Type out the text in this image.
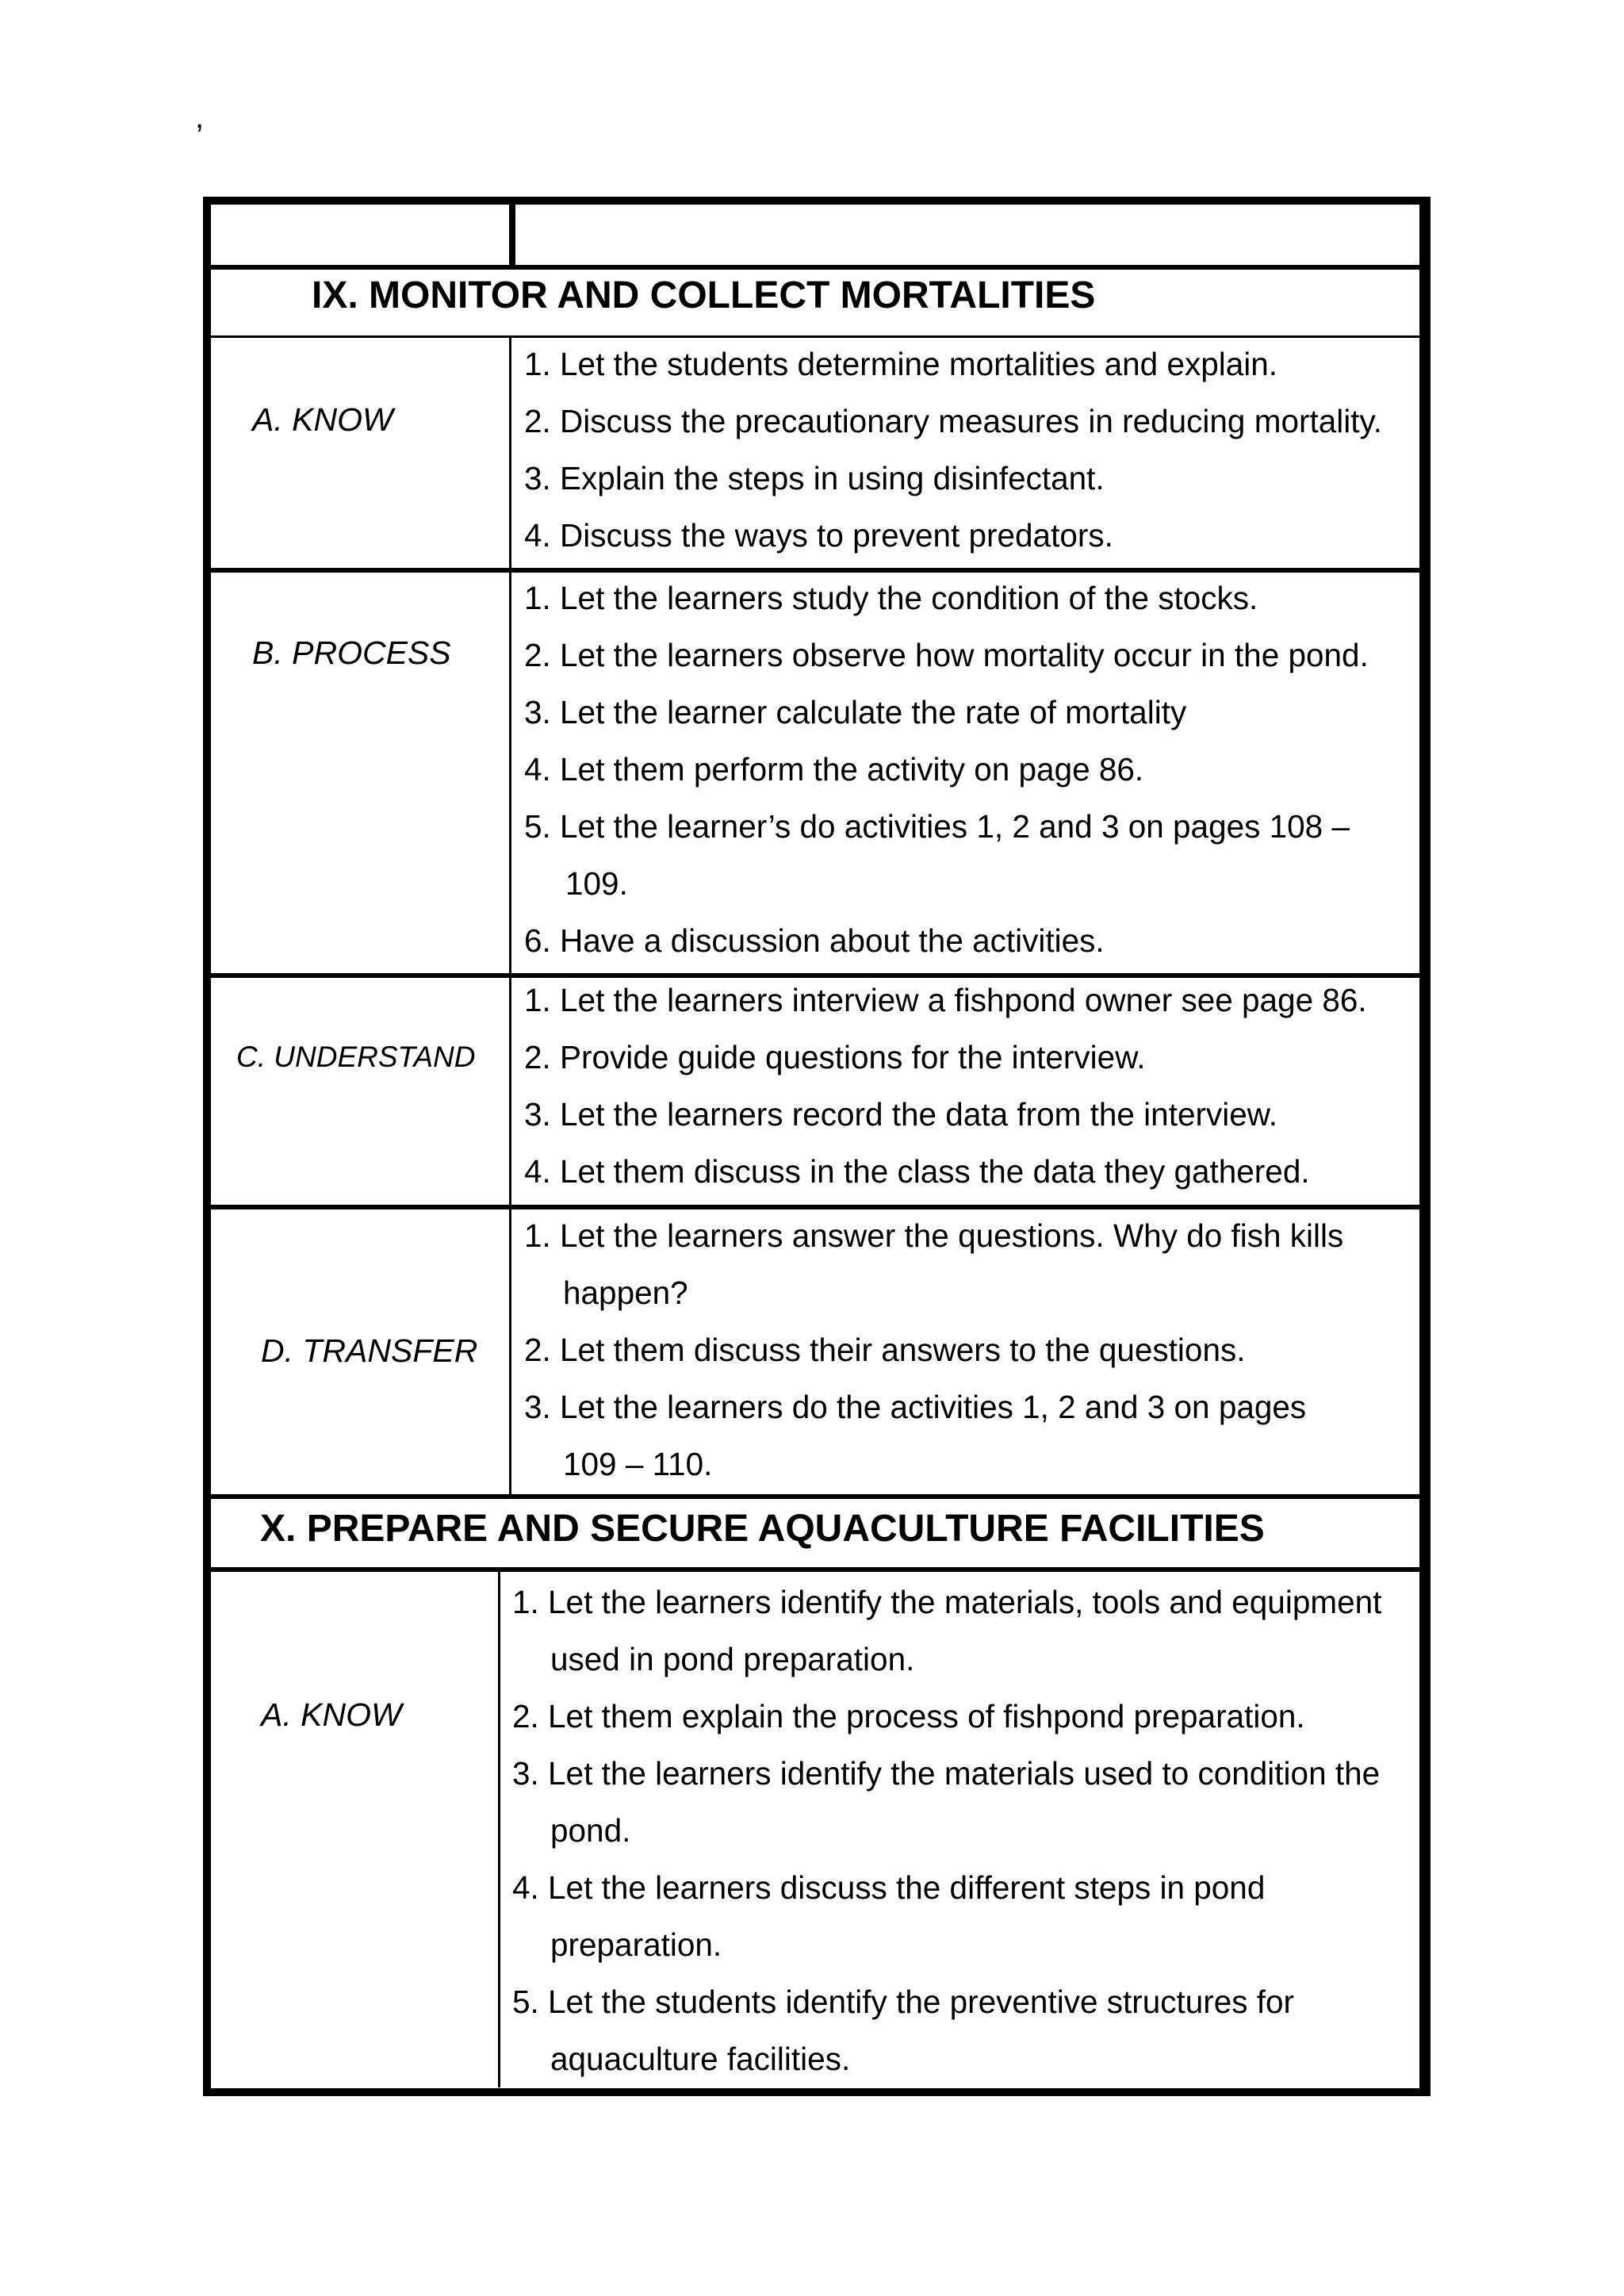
,
IX. MONITOR AND COLLECT MORTALITIES
A. KNOW
1. Let the students determine mortalities and explain.
2. Discuss the precautionary measures in reducing mortality.
3. Explain the steps in using disinfectant.
4. Discuss the ways to prevent predators.
B. PROCESS
1. Let the learners study the condition of the stocks.
2. Let the learners observe how mortality occur in the pond.
3. Let the learner calculate the rate of mortality
4. Let them perform the activity on page 86.
5. Let the learner’s do activities 1, 2 and 3 on pages 108 –
109.
6. Have a discussion about the activities.
C. UNDERSTAND
1. Let the learners interview a fishpond owner see page 86.
2. Provide guide questions for the interview.
3. Let the learners record the data from the interview.
4. Let them discuss in the class the data they gathered.
D. TRANSFER
1. Let the learners answer the questions. Why do fish kills
happen?
2. Let them discuss their answers to the questions.
3. Let the learners do the activities 1, 2 and 3 on pages
109 – 110.
X. PREPARE AND SECURE AQUACULTURE FACILITIES
A. KNOW
1. Let the learners identify the materials, tools and equipment
used in pond preparation.
2. Let them explain the process of fishpond preparation.
3. Let the learners identify the materials used to condition the
pond.
4. Let the learners discuss the different steps in pond
preparation.
5. Let the students identify the preventive structures for
aquaculture facilities.
